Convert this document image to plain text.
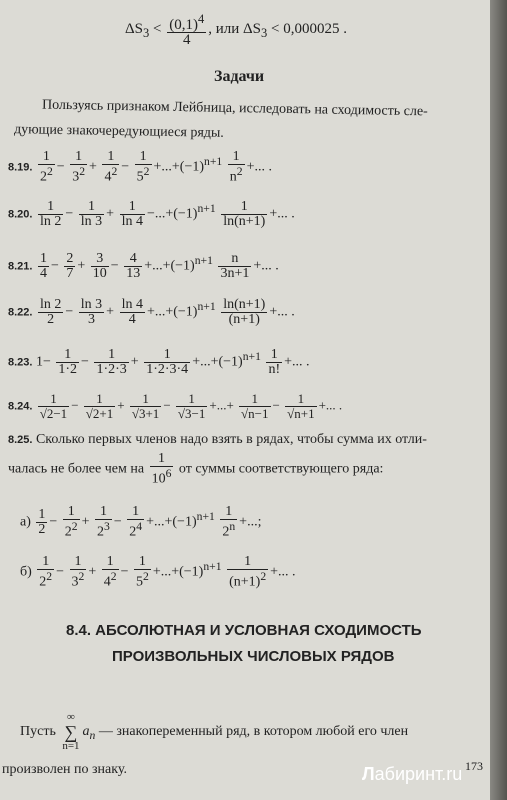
$\Delta S_3 < \frac{(0,1)^4}{4}$ , или $\Delta S_3 < 0,000025$ .
Задачи
Пользуясь признаком Лейбница, исследовать на сходимость сле-
дующие знакочередующиеся ряды.
8.19. $\frac{1}{2^2} - \frac{1}{3^2} + \frac{1}{4^2} - \frac{1}{5^2} +...+(-1)^{n+1} \frac{1}{n^2}$ +... .
8.20. $\frac{1}{\ln 2} - \frac{1}{\ln 3} + \frac{1}{\ln 4} -...+(-1)^{n+1} \frac{1}{\ln(n+1)}$ +... .
8.21. $\frac{1}{4} - \frac{2}{7} + \frac{3}{10} - \frac{4}{13} +...+(-1)^{n+1} \frac{n}{3n+1}$ +... .
8.22. $\frac{\ln 2}{2} - \frac{\ln 3}{3} + \frac{\ln 4}{4} +...+(-1)^{n+1} \frac{\ln(n+1)}{(n+1)}$ +... .
8.23. $1- \frac{1}{1\cdot 2} - \frac{1}{1\cdot 2\cdot 3} + \frac{1}{1\cdot 2\cdot 3\cdot 4} +...+(-1)^{n+1} \frac{1}{n!}$ +... .
8.24. $\frac{1}{√2-1} - \frac{1}{√2+1} + \frac{1}{√3+1} - \frac{1}{√3-1}$ +...+ $\frac{1}{√n-1} - \frac{1}{√n+1}$ +... .
8.25. Сколько первых членов надо взять в рядах, чтобы сумма их отли-
чалась не более чем на $\frac{1}{10^6}$ от суммы соответствующего ряда:
$а) \frac{1}{2} - \frac{1}{2^2} + \frac{1}{2^3} - \frac{1}{2^4} +...+(-1)^{n+1} \frac{1}{2^n}$ +...;
$б) \frac{1}{2^2} - \frac{1}{3^2} + \frac{1}{4^2} - \frac{1}{5^2} +...+(-1)^{n+1} \frac{1}{(n+1)^2}$ +... .
8.4. АБСОЛЮТНАЯ И УСЛОВНАЯ СХОДИМОСТЬ
ПРОИЗВОЛЬНЫХ ЧИСЛОВЫХ РЯДОВ
Пусть ∞
∑
$n=1a_n$ — знакопеременный ряд, в котором любой его член
произволен по знаку.	Лабиринт.ru 173
